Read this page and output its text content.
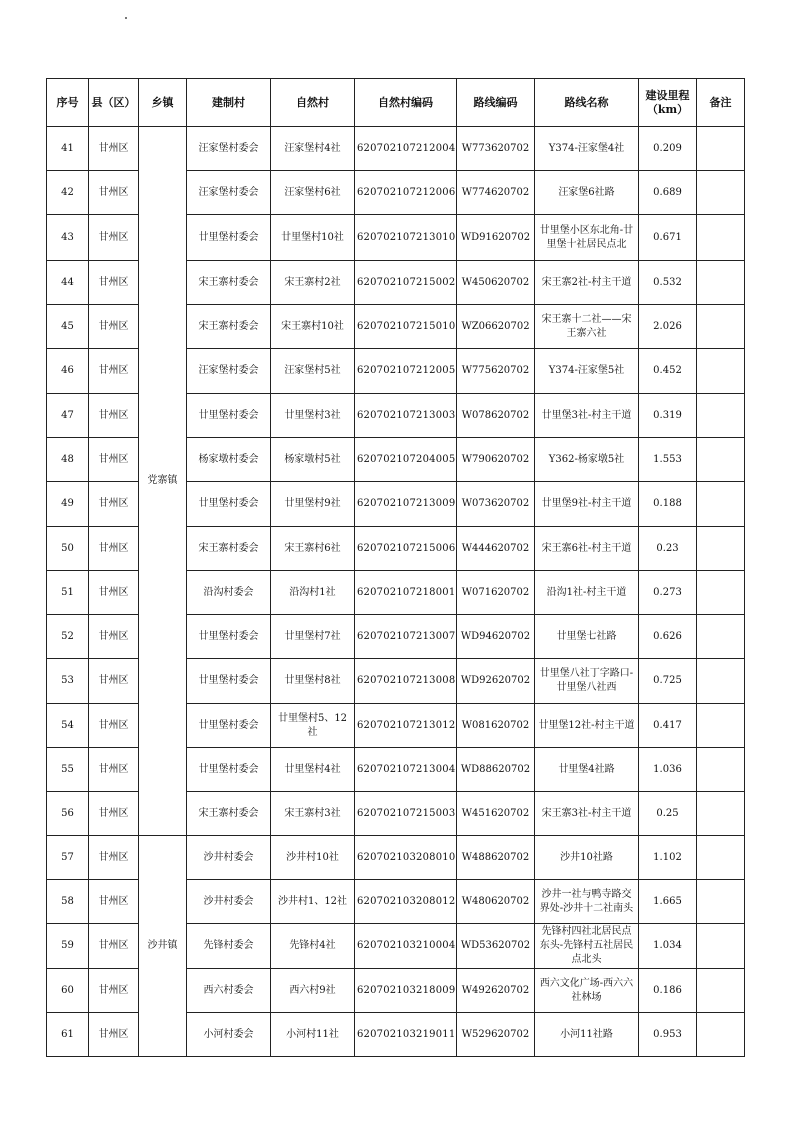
序号	县（区）	乡镇	建制村	自然村	自然村编码	路线编码	路线名称	建设里程（km）	备注
41	甘州区	党寨镇	汪家堡村委会	汪家堡村4社	620702107212004	W773620702	Y374-汪家堡4社	0.209	
42	甘州区		汪家堡村委会	汪家堡村6社	620702107212006	W774620702	汪家堡6社路	0.689	
43	甘州区		廿里堡村委会	廿里堡村10社	620702107213010	WD91620702	廿里堡小区东北角-廿里堡十社居民点北	0.671	
44	甘州区		宋王寨村委会	宋王寨村2社	620702107215002	W450620702	宋王寨2社-村主干道	0.532	
45	甘州区		宋王寨村委会	宋王寨村10社	620702107215010	WZ06620702	宋王寨十二社——宋王寨六社	2.026	
46	甘州区		汪家堡村委会	汪家堡村5社	620702107212005	W775620702	Y374-汪家堡5社	0.452	
47	甘州区		廿里堡村委会	廿里堡村3社	620702107213003	W078620702	廿里堡3社-村主干道	0.319	
48	甘州区		杨家墩村委会	杨家墩村5社	620702107204005	W790620702	Y362-杨家墩5社	1.553	
49	甘州区		廿里堡村委会	廿里堡村9社	620702107213009	W073620702	廿里堡9社-村主干道	0.188	
50	甘州区		宋王寨村委会	宋王寨村6社	620702107215006	W444620702	宋王寨6社-村主干道	0.23	
51	甘州区		沿沟村委会	沿沟村1社	620702107218001	W071620702	沿沟1社-村主干道	0.273	
52	甘州区		廿里堡村委会	廿里堡村7社	620702107213007	WD94620702	廿里堡七社路	0.626	
53	甘州区		廿里堡村委会	廿里堡村8社	620702107213008	WD92620702	廿里堡八社丁字路口-廿里堡八社西	0.725	
54	甘州区		廿里堡村委会	廿里堡村5、12社	620702107213012	W081620702	廿里堡12社-村主干道	0.417	
55	甘州区		廿里堡村委会	廿里堡村4社	620702107213004	WD88620702	廿里堡4社路	1.036	
56	甘州区		宋王寨村委会	宋王寨村3社	620702107215003	W451620702	宋王寨3社-村主干道	0.25	
57	甘州区	沙井镇	沙井村委会	沙井村10社	620702103208010	W488620702	沙井10社路	1.102	
58	甘州区		沙井村委会	沙井村1、12社	620702103208012	W480620702	沙井一社与鸭寺路交界处-沙井十二社南头	1.665	
59	甘州区		先锋村委会	先锋村4社	620702103210004	WD53620702	先锋村四社北居民点东头-先锋村五社居民点北头	1.034	
60	甘州区		西六村委会	西六村9社	620702103218009	W492620702	西六文化广场-西六六社林场	0.186	
61	甘州区		小河村委会	小河村11社	620702103219011	W529620702	小河11社路	0.953	
